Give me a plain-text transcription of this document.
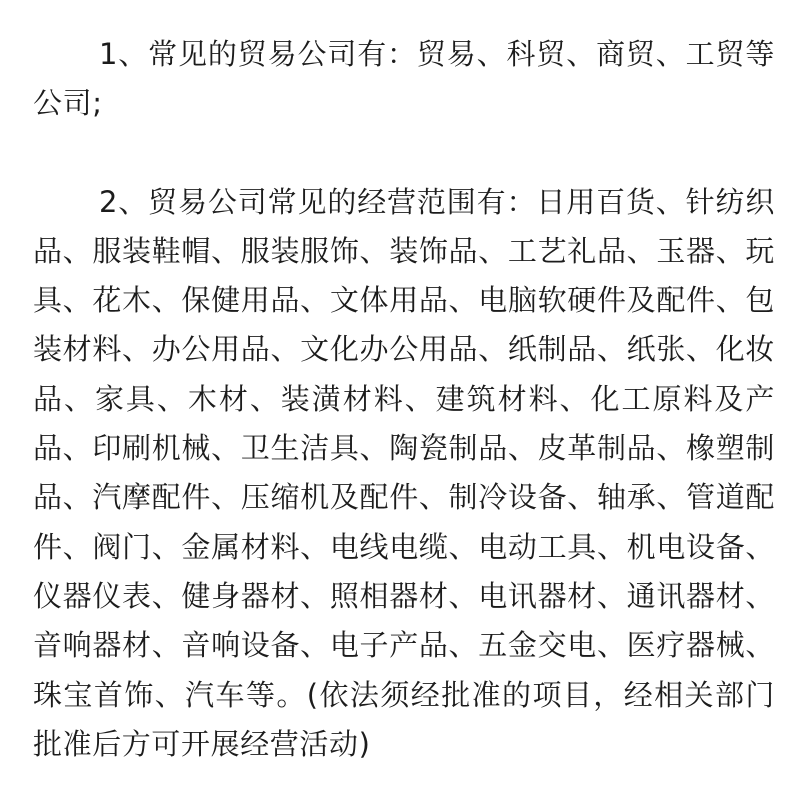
1、常见的贸易公司有：贸易、科贸、商贸、工贸等公司;

2、贸易公司常见的经营范围有：日用百货、针纺织品、服装鞋帽、服装服饰、装饰品、工艺礼品、玉器、玩具、花木、保健用品、文体用品、电脑软硬件及配件、包装材料、办公用品、文化办公用品、纸制品、纸张、化妆品、家具、木材、装潢材料、建筑材料、化工原料及产品、印刷机械、卫生洁具、陶瓷制品、皮革制品、橡塑制品、汽摩配件、压缩机及配件、制冷设备、轴承、管道配件、阀门、金属材料、电线电缆、电动工具、机电设备、仪器仪表、健身器材、照相器材、电讯器材、通讯器材、音响器材、音响设备、电子产品、五金交电、医疗器械、珠宝首饰、汽车等。(依法须经批准的项目，经相关部门批准后方可开展经营活动)
